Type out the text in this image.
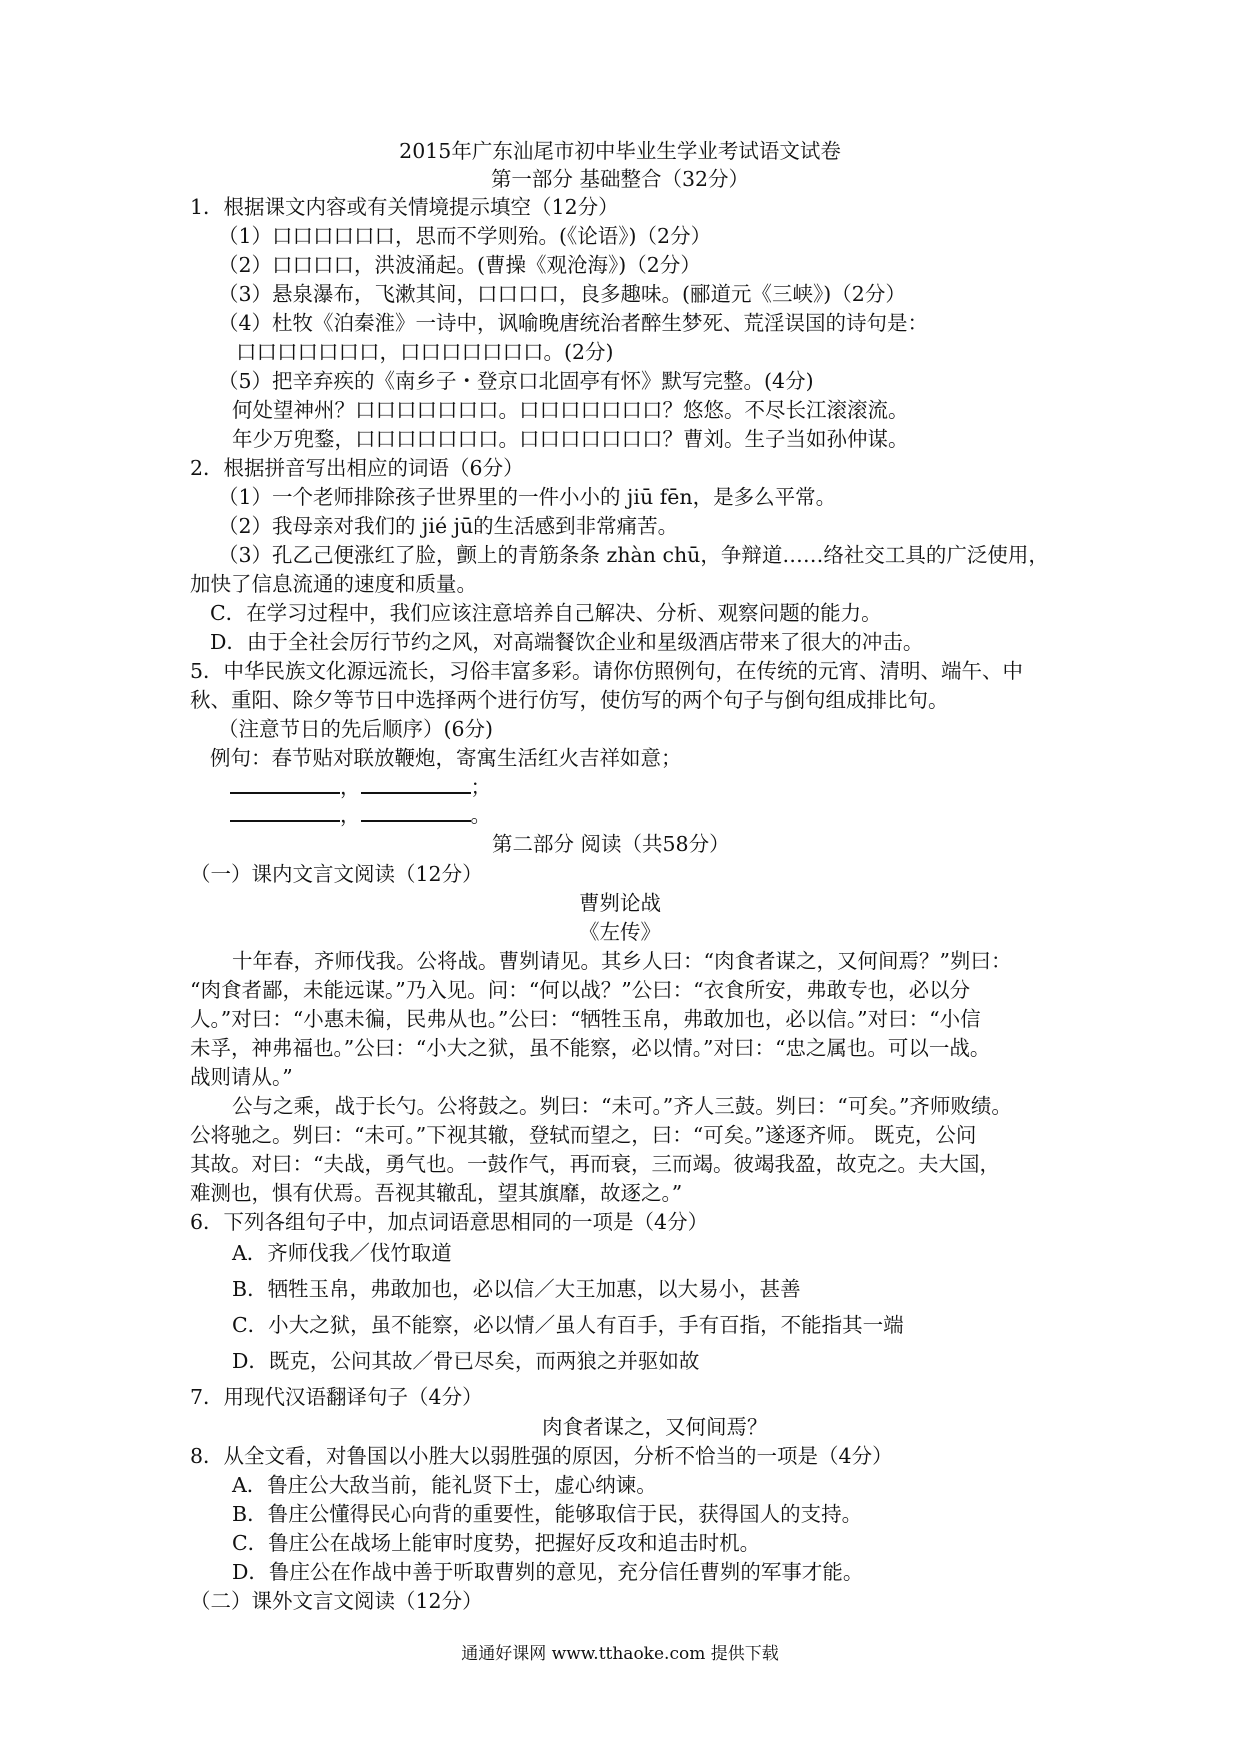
2015年广东汕尾市初中毕业生学业考试语文试卷
第一部分 基础整合（32分）
1．根据课文内容或有关情境提示填空（12分）
（1）口口口口口口，思而不学则殆。(《论语》)（2分）
（2）口口口口，洪波涌起。(曹操《观沧海》)（2分）
（3）悬泉瀑布，飞漱其间，口口口口，良多趣味。(郦道元《三峡》)（2分）
（4）杜牧《泊秦淮》一诗中，讽喻晚唐统治者醉生梦死、荒淫误国的诗句是：
口口口口口口口，口口口口口口口。(2分)
（5）把辛弃疾的《南乡子・登京口北固亭有怀》默写完整。(4分)
何处望神州？口口口口口口口。口口口口口口口？悠悠。不尽长江滚滚流。
年少万兜鍪，口口口口口口口。口口口口口口口？曹刘。生子当如孙仲谋。
2．根据拼音写出相应的词语（6分）
（1）一个老师排除孩子世界里的一件小小的 jiū fēn，是多么平常。
（2）我母亲对我们的 jié jū的生活感到非常痛苦。
（3）孔乙己便涨红了脸，颤上的青筋条条 zhàn chū，争辩道……络社交工具的广泛使用，
加快了信息流通的速度和质量。
C．在学习过程中，我们应该注意培养自己解决、分析、观察问题的能力。
D．由于全社会厉行节约之风，对高端餐饮企业和星级酒店带来了很大的冲击。
5．中华民族文化源远流长，习俗丰富多彩。请你仿照例句，在传统的元宵、清明、端午、中
秋、重阳、除夕等节日中选择两个进行仿写，使仿写的两个句子与倒句组成排比句。
（注意节日的先后顺序）(6分)
例句：春节贴对联放鞭炮，寄寓生活红火吉祥如意；
，	；
，	。
第二部分 阅读（共58分）
（一）课内文言文阅读（12分）
曹刿论战
《左传》
十年春，齐师伐我。公将战。曹刿请见。其乡人曰：“肉食者谋之，又何间焉？”刿曰：
“肉食者鄙，未能远谋。”乃入见。问：“何以战？”公曰：“衣食所安，弗敢专也，必以分
人。”对曰：“小惠未徧，民弗从也。”公曰：“牺牲玉帛，弗敢加也，必以信。”对曰：“小信
未孚，神弗福也。”公曰：“小大之狱，虽不能察，必以情。”对曰：“忠之属也。可以一战。
战则请从。”
公与之乘，战于长勺。公将鼓之。刿曰：“未可。”齐人三鼓。刿曰：“可矣。”齐师败绩。
公将驰之。刿曰：“未可。”下视其辙，登轼而望之，曰：“可矣。”遂逐齐师。 既克，公问
其故。对曰：“夫战，勇气也。一鼓作气，再而衰，三而竭。彼竭我盈，故克之。夫大国，
难测也，惧有伏焉。吾视其辙乱，望其旗靡，故逐之。”
6．下列各组句子中，加点词语意思相同的一项是（4分）
A．齐师伐我／伐竹取道
B．牺牲玉帛，弗敢加也，必以信／大王加惠，以大易小，甚善
C．小大之狱，虽不能察，必以情／虽人有百手，手有百指，不能指其一端
D．既克，公问其故／骨已尽矣，而两狼之并驱如故
7．用现代汉语翻译句子（4分）
肉食者谋之，又何间焉？
8．从全文看，对鲁国以小胜大以弱胜强的原因，分析不恰当的一项是（4分）
A．鲁庄公大敌当前，能礼贤下士，虚心纳谏。
B．鲁庄公懂得民心向背的重要性，能够取信于民，获得国人的支持。
C．鲁庄公在战场上能审时度势，把握好反攻和追击时机。
D．鲁庄公在作战中善于听取曹刿的意见，充分信任曹刿的军事才能。
（二）课外文言文阅读（12分）
通通好课网 www.tthaoke.com 提供下载
